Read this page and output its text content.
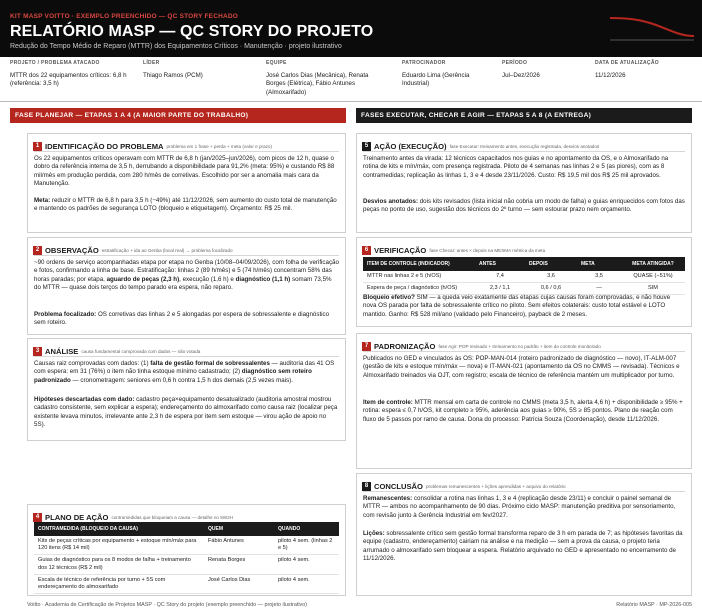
KIT MASP VOITTO · EXEMPLO PREENCHIDO — QC STORY FECHADO
RELATÓRIO MASP — QC STORY DO PROJETO
Redução do Tempo Médio de Reparo (MTTR) dos Equipamentos Críticos · Manutenção · projeto ilustrativo
PROJETO / PROBLEMA ATACADO
MTTR dos 22 equipamentos críticos: 6,8 h (referência: 3,5 h)
LÍDER
Thiago Ramos (PCM)
EQUIPE
José Carlos Dias (Mecânica), Renata Borges (Elétrica), Fábio Antunes (Almoxarifado)
PATROCINADOR
Eduardo Lima (Gerência Industrial)
PERÍODO
Jul–Dez/2026
DATA DE ATUALIZAÇÃO
11/12/2026
FASE PLANEJAR — ETAPAS 1 A 4 (A MAIOR PARTE DO TRABALHO)	FASES EXECUTAR, CHECAR E AGIR — ETAPAS 5 A 8 (A ENTREGA)
1 IDENTIFICAÇÃO DO PROBLEMA problema em 1 frase + perda + meta (valor e prazo)
Os 22 equipamentos críticos operavam com MTTR de 6,8 h (jan/2025–jun/2026), com picos de 12 h, quase o dobro da referência interna de 3,5 h, derrubando a disponibilidade para 91,2% (meta: 95%) e custando R$ 88 mil/mês em produção perdida, com 280 h/mês de corretivas. Escolhido por ser a anomalia mais cara da Manutenção.
Meta: reduzir o MTTR de 6,8 h para 3,5 h (−49%) até 11/12/2026, sem aumento do custo total de manutenção e mantendo os padrões de segurança LOTO (bloqueio e etiquetagem). Orçamento: R$ 25 mil.
2 OBSERVAÇÃO estratificação + ida ao Genba (local real) → problema focalizado
~90 ordens de serviço acompanhadas etapa por etapa no Genba (10/08–04/09/2026), com folha de verificação e fotos, confirmando a linha de base. Estratificação: linhas 2 (89 h/mês) e 5 (74 h/mês) concentram 58% das horas paradas; por etapa, aguardo de peças (2,3 h), execução (1,6 h) e diagnóstico (1,1 h) somam 73,5% do MTTR — quase dois terços do tempo parado era espera, não reparo.
Problema focalizado: OS corretivas das linhas 2 e 5 alongadas por espera de sobressalente e diagnóstico sem roteiro.
3 ANÁLISE causa fundamental comprovada com dados — não votada
Causas raiz comprovadas com dados: (1) falta de gestão formal de sobressalentes — auditoria das 41 OS com espera: em 31 (76%) o item não tinha estoque mínimo cadastrado; (2) diagnóstico sem roteiro padronizado — cronometragem: seniores em 0,6 h contra 1,5 h dos demais (2,5 vezes mais).
Hipóteses descartadas com dado: cadastro peça×equipamento desatualizado (auditoria amostral mostrou cadastro consistente, sem explicar a espera); endereçamento do almoxarifado como causa raiz (localizar peça existente levava minutos, irrelevante ante 2,3 h de espera por item sem estoque — virou ação de apoio no 5S).
4 PLANO DE AÇÃO contramedidas que bloqueiam a causa — detalhe no 5W2H
CONTRAMEDIDA (BLOQUEIO DA CAUSA)	QUEM	QUANDO
Kits de peças críticas por equipamento + estoque mín/máx para 120 itens (R$ 14 mil)	Fábio Antunes	piloto 4 sem. (linhas 2 e 5)
Guias de diagnóstico para os 8 modos de falha + treinamento dos 12 técnicos (R$ 2 mil)	Renata Borges	piloto 4 sem.
Escala de técnico de referência por turno + 5S com endereçamento do almoxarifado	José Carlos Dias	piloto 4 sem.
5 AÇÃO (EXECUÇÃO) fase Executar: treinamento antes, execução registrada, desvios anotados
Treinamento antes da virada: 12 técnicos capacitados nos guias e no apontamento da OS, e o Almoxarifado na rotina de kits e mín/máx, com presença registrada. Piloto de 4 semanas nas linhas 2 e 5 (as piores), com as 8 contramedidas; replicação às linhas 1, 3 e 4 desde 23/11/2026. Custo: R$ 19,5 mil dos R$ 25 mil aprovados.
Desvios anotados: dois kits revisados (lista inicial não cobria um modo de falha) e guias enriquecidos com fotos das peças no ponto de uso, sugestão dos técnicos do 2º turno — sem estourar prazo nem orçamento.
6 VERIFICAÇÃO fase Checar: antes × depois na MESMA métrica da meta
ITEM DE CONTROLE (INDICADOR)	ANTES	DEPOIS	META	META ATINGIDA?
MTTR nas linhas 2 e 5 (h/OS)	7,4	3,6	3,5	QUASE (−51%)
Espera de peça / diagnóstico (h/OS)	2,3 / 1,1	0,6 / 0,6	—	SIM
Bloqueio efetivo? SIM — a queda veio exatamente das etapas cujas causas foram comprovadas, e não houve nova OS parada por falta de sobressalente crítico no piloto. Sem efeitos colaterais: custo total estável e LOTO mantido. Ganho: R$ 528 mil/ano (validado pelo Financeiro), payback de 2 meses.
7 PADRONIZAÇÃO fase Agir: POP revisado + treinamento no padrão + item de controle monitorado
Publicados no GED e vinculados às OS: POP-MAN-014 (roteiro padronizado de diagnóstico — novo), IT-ALM-007 (gestão de kits e estoque mín/máx — nova) e IT-MAN-021 (apontamento da OS no CMMS — revisada). Técnicos e Almoxarifado treinados via OJT, com registro; escala de técnico de referência mantém um multiplicador por turno.
Item de controle: MTTR mensal em carta de controle no CMMS (meta 3,5 h, alerta 4,6 h) + disponibilidade ≥ 95% + rotina: espera ≤ 0,7 h/OS, kit completo ≥ 95%, aderência aos guias ≥ 90%, 5S ≥ 85 pontos. Plano de reação com fluxo de 5 passos por ramo de causa. Dona do processo: Patrícia Souza (Coordenação), desde 11/12/2026.
8 CONCLUSÃO problemas remanescentes + lições aprendidas + arquivo do relatório
Remanescentes: consolidar a rotina nas linhas 1, 3 e 4 (replicação desde 23/11) e concluir o painel semanal de MTTR — ambos no acompanhamento de 90 dias. Próximo ciclo MASP: manutenção preditiva por sensoriamento, com revisão junto à Gerência Industrial em fev/2027.
Lições: sobressalente crítico sem gestão formal transforma reparo de 3 h em parada de 7; as hipóteses favoritas da equipe (cadastro, endereçamento) cairiam na análise e na medição — sem a prova da causa, o projeto teria arrumado o almoxarifado sem bloquear a espera. Relatório arquivado no GED e apresentado no encerramento de 11/12/2026.
Voitto · Academia de Certificação de Projetos MASP · QC Story do projeto (exemplo preenchido — projeto ilustrativo)	Relatório MASP · MP-2026-005
